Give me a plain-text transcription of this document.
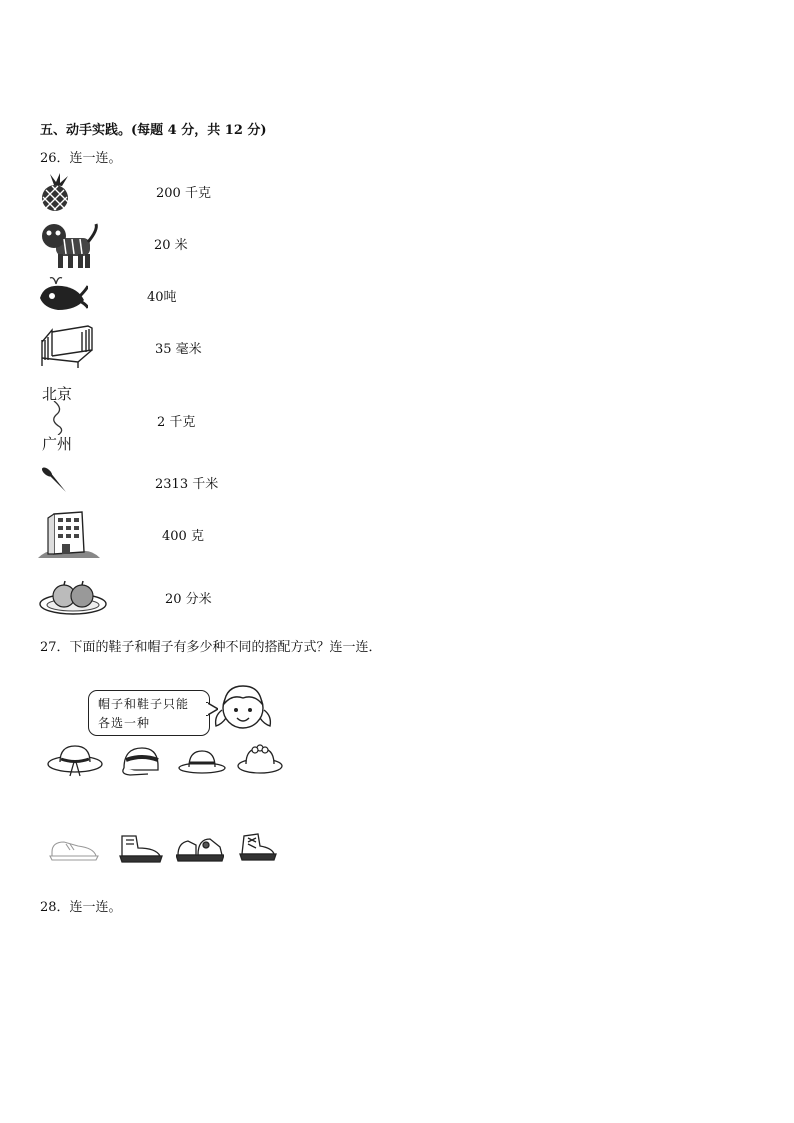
五、动手实践。(每题 4 分，共 12 分)
26．连一连。
200 千克
20 米
40吨
35 毫米
北京
广州
2 千克
2313 千米
400 克
20 分米
27．下面的鞋子和帽子有多少种不同的搭配方式？连一连．
帽子和鞋子只能
各选一种
28．连一连。
